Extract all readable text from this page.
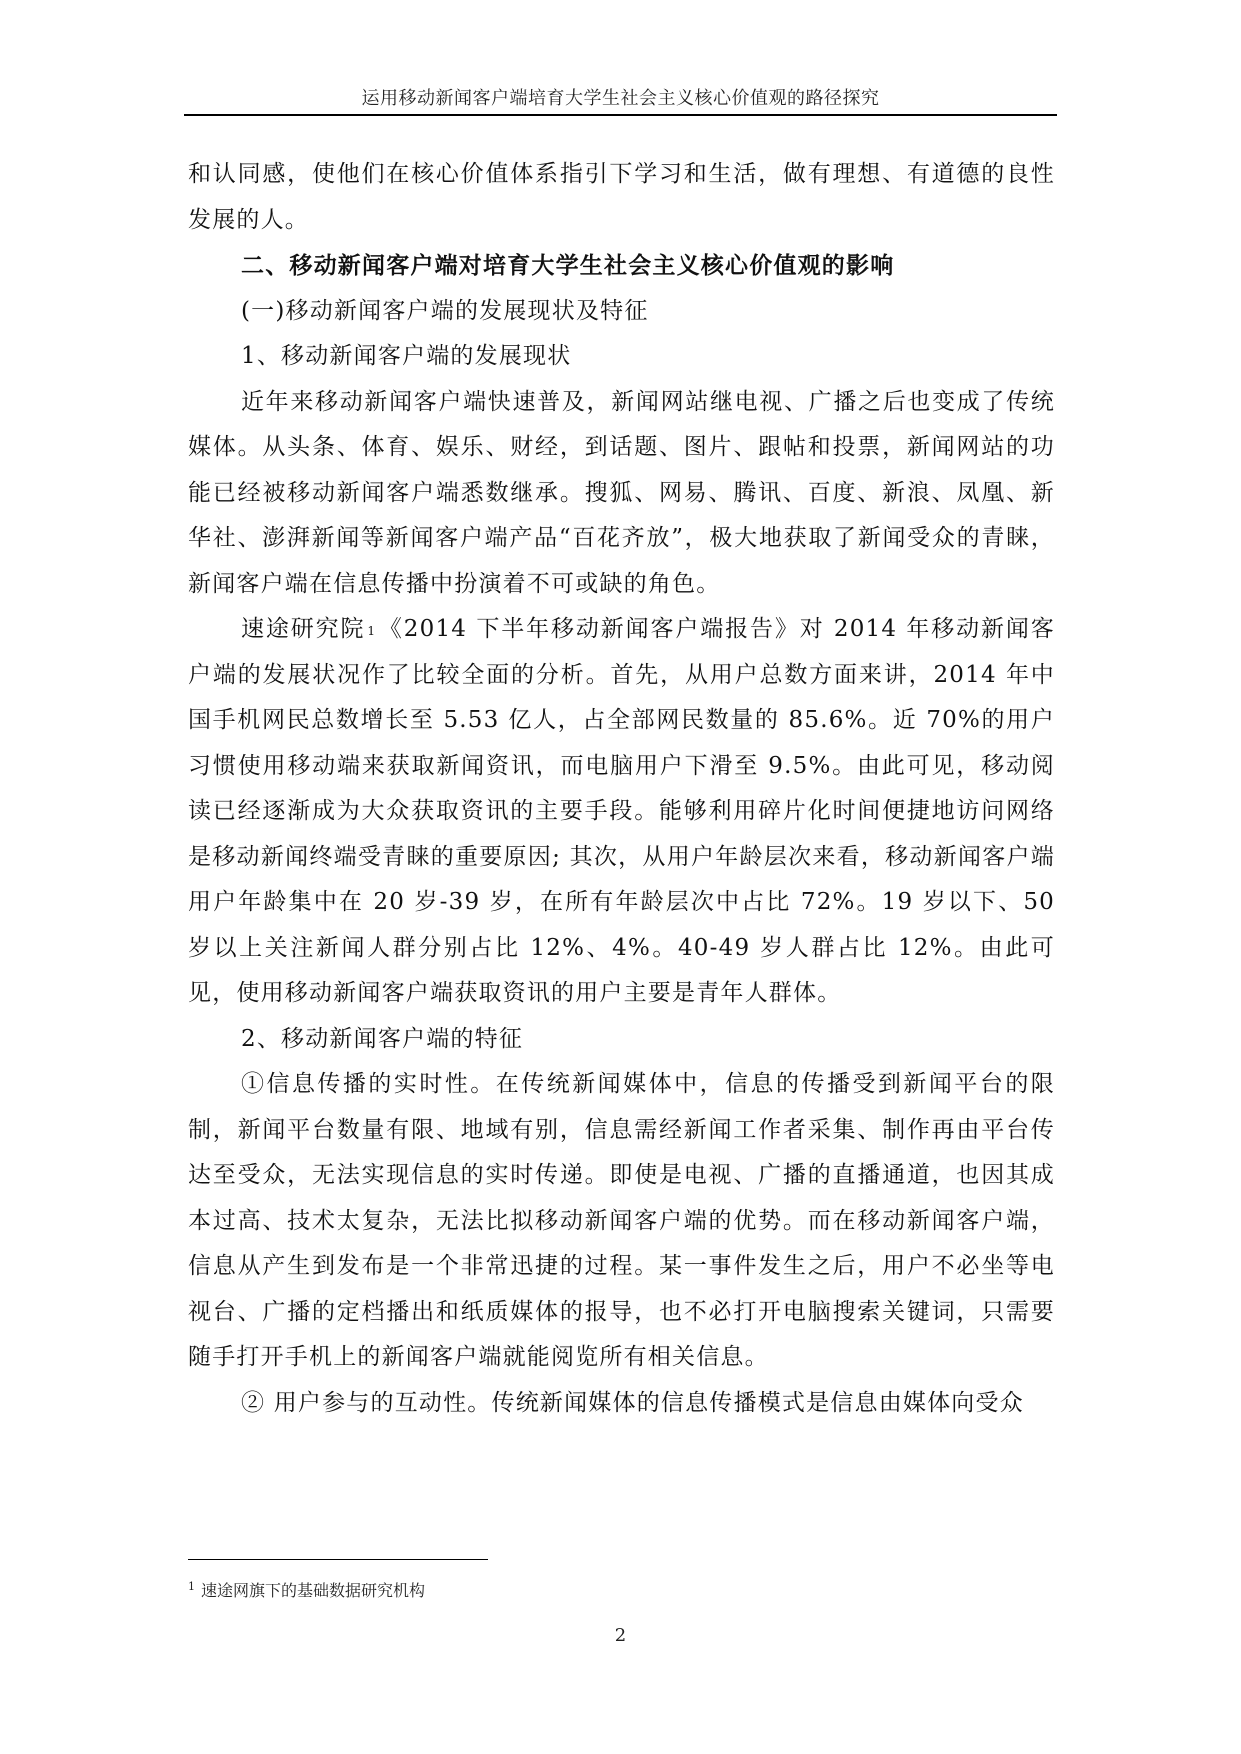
运用移动新闻客户端培育大学生社会主义核心价值观的路径探究

和认同感，使他们在核心价值体系指引下学习和生活，做有理想、有道德的良性发展的人。

二、移动新闻客户端对培育大学生社会主义核心价值观的影响

(一)移动新闻客户端的发展现状及特征

1、移动新闻客户端的发展现状

近年来移动新闻客户端快速普及，新闻网站继电视、广播之后也变成了传统媒体。从头条、体育、娱乐、财经，到话题、图片、跟帖和投票，新闻网站的功能已经被移动新闻客户端悉数继承。搜狐、网易、腾讯、百度、新浪、凤凰、新华社、澎湃新闻等新闻客户端产品“百花齐放”，极大地获取了新闻受众的青睐，新闻客户端在信息传播中扮演着不可或缺的角色。

速途研究院 $^1$《2014 下半年移动新闻客户端报告》对 2014 年移动新闻客户端的发展状况作了比较全面的分析。首先，从用户总数方面来讲，2014 年中国手机网民总数增长至 5.53 亿人，占全部网民数量的 85.6%。近 70%的用户习惯使用移动端来获取新闻资讯，而电脑用户下滑至 9.5%。由此可见，移动阅读已经逐渐成为大众获取资讯的主要手段。能够利用碎片化时间便捷地访问网络是移动新闻终端受青睐的重要原因; 其次，从用户年龄层次来看，移动新闻客户端用户年龄集中在 20 岁-39 岁，在所有年龄层次中占比 72%。19 岁以下、50 岁以上关注新闻人群分别占比 12%、4%。40-49 岁人群占比 12%。由此可见，使用移动新闻客户端获取资讯的用户主要是青年人群体。

2、移动新闻客户端的特征

①信息传播的实时性。在传统新闻媒体中，信息的传播受到新闻平台的限制，新闻平台数量有限、地域有别，信息需经新闻工作者采集、制作再由平台传达至受众，无法实现信息的实时传递。即使是电视、广播的直播通道，也因其成本过高、技术太复杂，无法比拟移动新闻客户端的优势。而在移动新闻客户端，信息从产生到发布是一个非常迅捷的过程。某一事件发生之后，用户不必坐等电视台、广播的定档播出和纸质媒体的报导，也不必打开电脑搜索关键词，只需要随手打开手机上的新闻客户端就能阅览所有相关信息。

② 用户参与的互动性。传统新闻媒体的信息传播模式是信息由媒体向受众

$^1$ 速途网旗下的基础数据研究机构
2
